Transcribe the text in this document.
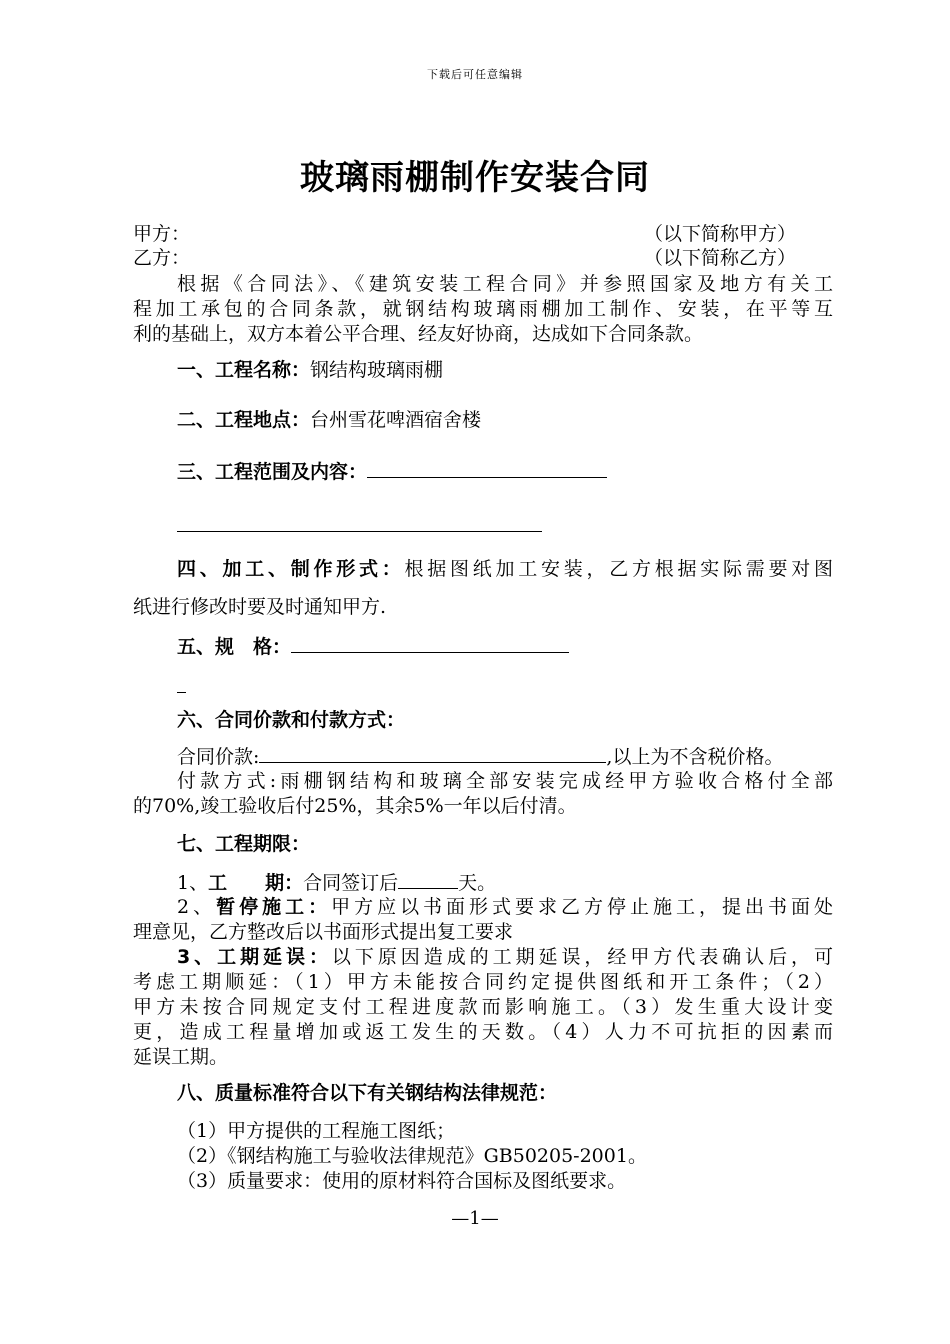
下载后可任意编辑
玻璃雨棚制作安装合同
甲方：	（以下简称甲方）
乙方：	（以下简称乙方）
根据《合同法》、《建筑安装工程合同》并参照国家及地方有关工
程加工承包的合同条款，就钢结构玻璃雨棚加工制作、安装，在平等互
利的基础上，双方本着公平合理、经友好协商，达成如下合同条款。
一、工程名称：钢结构玻璃雨棚
二、工程地点：台州雪花啤酒宿舍楼
三、工程范围及内容：
四、加工、制作形式：根据图纸加工安装，乙方根据实际需要对图
纸进行修改时要及时通知甲方.
五、规　格：
六、合同价款和付款方式：
合同价款:	,以上为不含税价格。
付款方式:雨棚钢结构和玻璃全部安装完成经甲方验收合格付全部
的70%,竣工验收后付25%，其余5%一年以后付清。
七、工程期限：
1、工　　期：合同签订后	天。
2、暂停施工：甲方应以书面形式要求乙方停止施工，提出书面处
理意见，乙方整改后以书面形式提出复工要求
3、工期延误：以下原因造成的工期延误，经甲方代表确认后，可
考虑工期顺延：（1）甲方未能按合同约定提供图纸和开工条件；（2）
甲方未按合同规定支付工程进度款而影响施工。（3）发生重大设计变
更，造成工程量增加或返工发生的天数。（4）人力不可抗拒的因素而
延误工期。
八、质量标准符合以下有关钢结构法律规范：
（1）甲方提供的工程施工图纸；
（2）《钢结构施工与验收法律规范》GB50205-2001。
（3）质量要求：使用的原材料符合国标及图纸要求。
—1—
